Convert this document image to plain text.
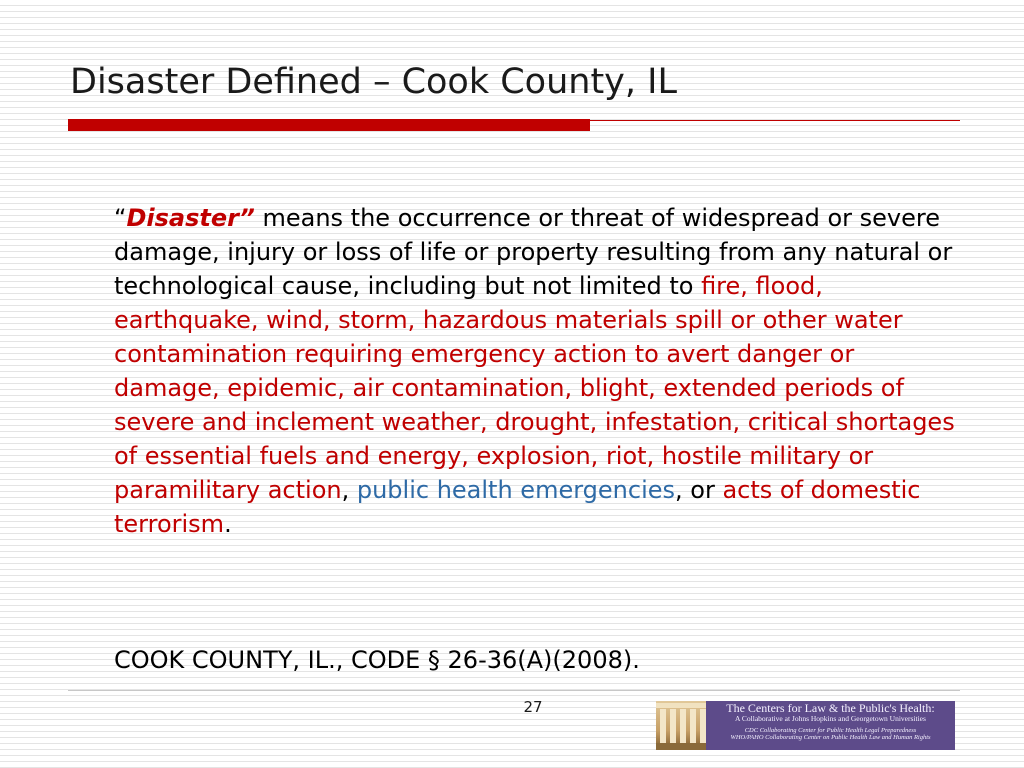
Disaster Defined – Cook County, IL
“Disaster” means the occurrence or threat of widespread or severe damage, injury or loss of life or property resulting from any natural or technological cause, including but not limited to fire, flood, earthquake, wind, storm, hazardous materials spill or other water contamination requiring emergency action to avert danger or damage, epidemic, air contamination, blight, extended periods of severe and inclement weather, drought, infestation, critical shortages of essential fuels and energy, explosion, riot, hostile military or paramilitary action, public health emergencies, or acts of domestic
terrorism.
COOK COUNTY, IL., CODE § 26-36(A)(2008).
27	The Centers for Law & the Public's Health:
A Collaborative at Johns Hopkins and Georgetown Universities
CDC Collaborating Center for Public Health Legal Preparedness
WHO/PAHO Collaborating Center on Public Health Law and Human Rights
